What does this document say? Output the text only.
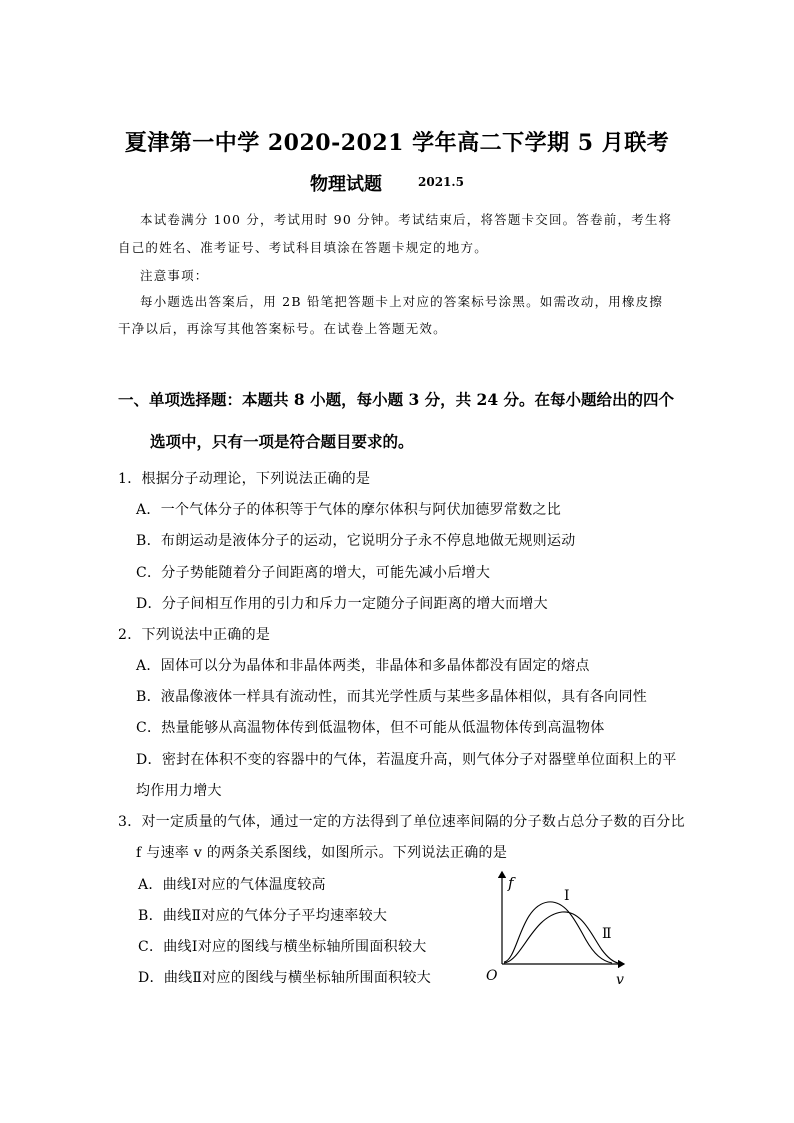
夏津第一中学 2020-2021 学年高二下学期 5 月联考
物理试题	2021.5
本试卷满分 100 分，考试用时 90 分钟。考试结束后，将答题卡交回。答卷前，考生将
自己的姓名、准考证号、考试科目填涂在答题卡规定的地方。
注意事项：
每小题选出答案后，用 2B 铅笔把答题卡上对应的答案标号涂黑。如需改动，用橡皮擦
干净以后，再涂写其他答案标号。在试卷上答题无效。
一、单项选择题：本题共 8 小题，每小题 3 分，共 24 分。在每小题给出的四个
选项中，只有一项是符合题目要求的。
1．根据分子动理论，下列说法正确的是
A．一个气体分子的体积等于气体的摩尔体积与阿伏加德罗常数之比
B．布朗运动是液体分子的运动，它说明分子永不停息地做无规则运动
C．分子势能随着分子间距离的增大，可能先减小后增大
D．分子间相互作用的引力和斥力一定随分子间距离的增大而增大
2．下列说法中正确的是
A．固体可以分为晶体和非晶体两类，非晶体和多晶体都没有固定的熔点
B．液晶像液体一样具有流动性，而其光学性质与某些多晶体相似，具有各向同性
C．热量能够从高温物体传到低温物体，但不可能从低温物体传到高温物体
D．密封在体积不变的容器中的气体，若温度升高，则气体分子对器壁单位面积上的平
均作用力增大
3．对一定质量的气体，通过一定的方法得到了单位速率间隔的分子数占总分子数的百分比
f 与速率 v 的两条关系图线，如图所示。下列说法正确的是
A．曲线Ⅰ对应的气体温度较高
B．曲线Ⅱ对应的气体分子平均速率较大
C．曲线Ⅰ对应的图线与横坐标轴所围面积较大
D．曲线Ⅱ对应的图线与横坐标轴所围面积较大
f
v
O
Ⅰ
Ⅱ
